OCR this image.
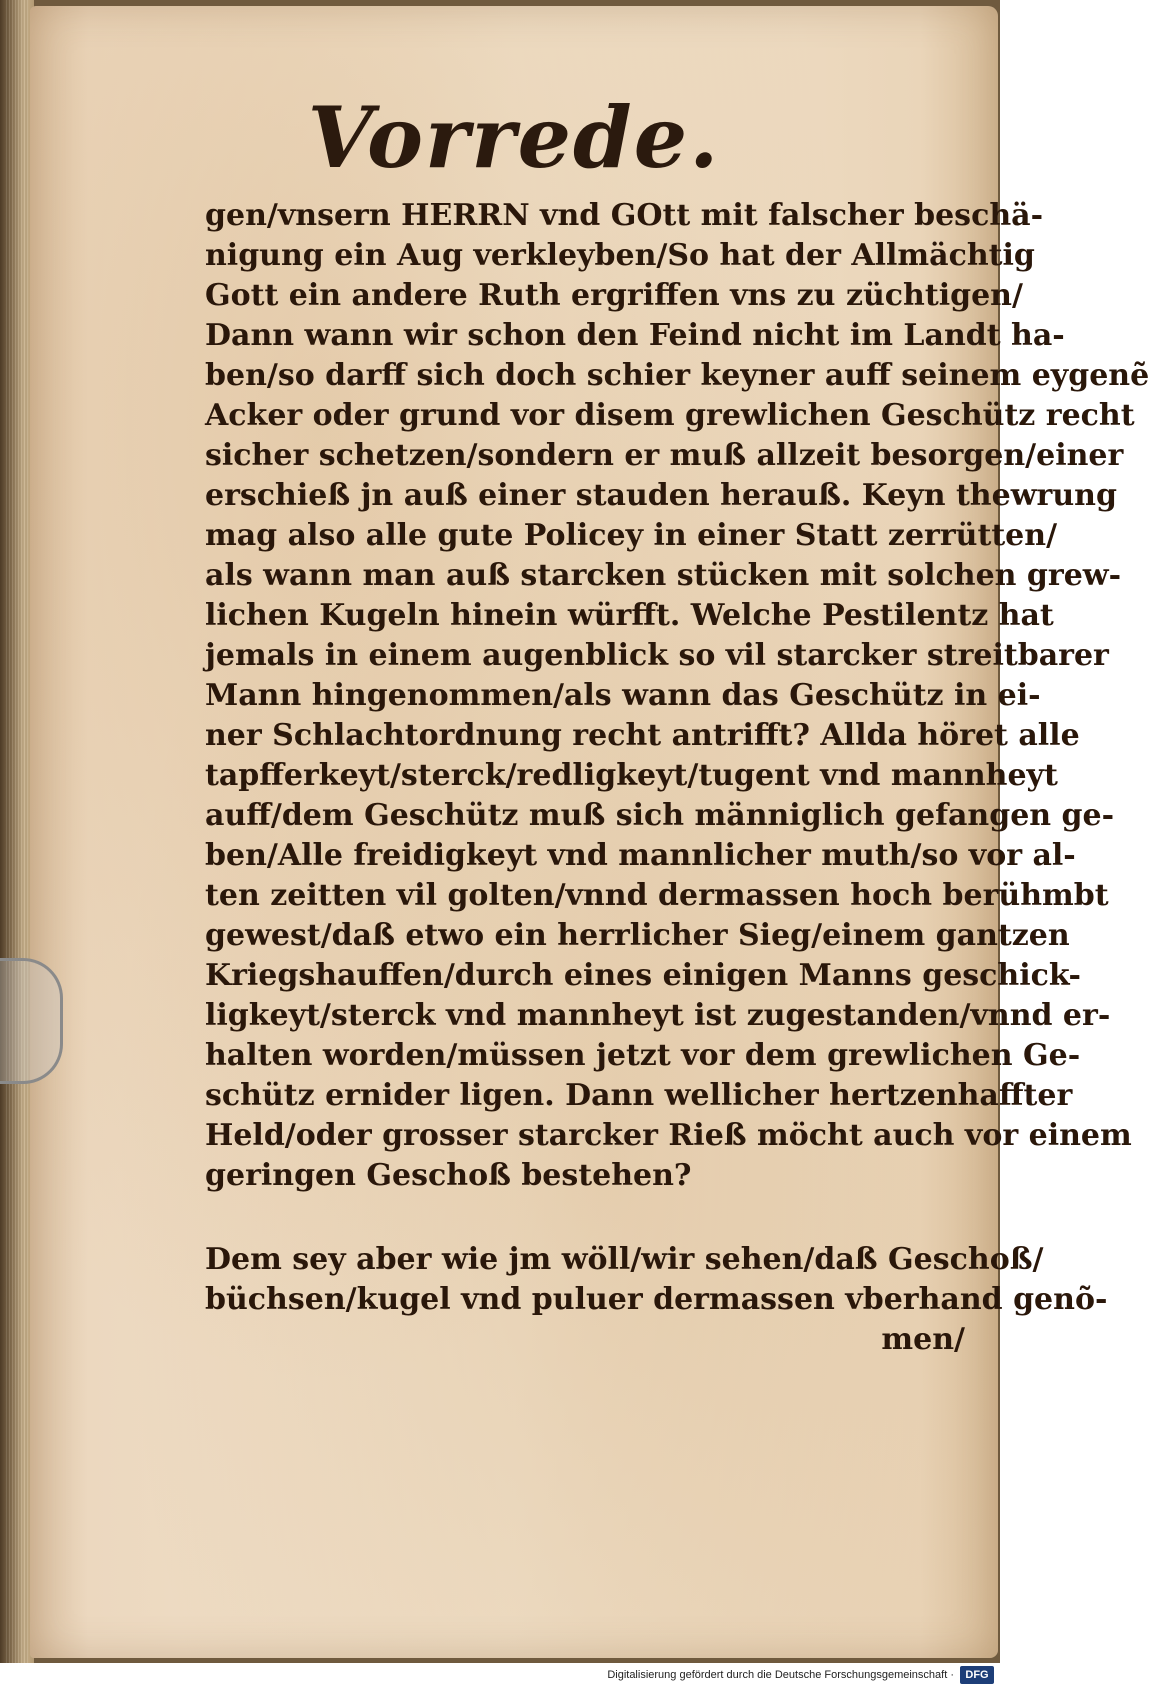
Vorrede.
gen/vnsern HERRN vnd GOtt mit falscher beschä-
nigung ein Aug verkleyben/So hat der Allmächtig
Gott ein andere Ruth ergriffen vns zu züchtigen/
Dann wann wir schon den Feind nicht im Landt ha-
ben/so darff sich doch schier keyner auff seinem eygenẽ
Acker oder grund vor disem grewlichen Geschütz recht
sicher schetzen/sondern er muß allzeit besorgen/einer
erschieß jn auß einer stauden herauß. Keyn thewrung
mag also alle gute Policey in einer Statt zerrütten/
als wann man auß starcken stücken mit solchen grew-
lichen Kugeln hinein würfft. Welche Pestilentz hat
jemals in einem augenblick so vil starcker streitbarer
Mann hingenommen/als wann das Geschütz in ei-
ner Schlachtordnung recht antrifft? Allda höret alle
tapfferkeyt/sterck/redligkeyt/tugent vnd mannheyt
auff/dem Geschütz muß sich männiglich gefangen ge-
ben/Alle freidigkeyt vnd mannlicher muth/so vor al-
ten zeitten vil golten/vnnd dermassen hoch berühmbt
gewest/daß etwo ein herrlicher Sieg/einem gantzen
Kriegshauffen/durch eines einigen Manns geschick-
ligkeyt/sterck vnd mannheyt ist zugestanden/vnnd er-
halten worden/müssen jetzt vor dem grewlichen Ge-
schütz ernider ligen. Dann wellicher hertzenhaffter
Held/oder grosser starcker Rieß möcht auch vor einem
geringen Geschoß bestehen?
Dem sey aber wie jm wöll/wir sehen/daß Geschoß/
büchsen/kugel vnd puluer dermassen vberhand genõ-
men/
Digitalisierung gefördert durch die Deutsche Forschungsgemeinschaft ·	DFG
